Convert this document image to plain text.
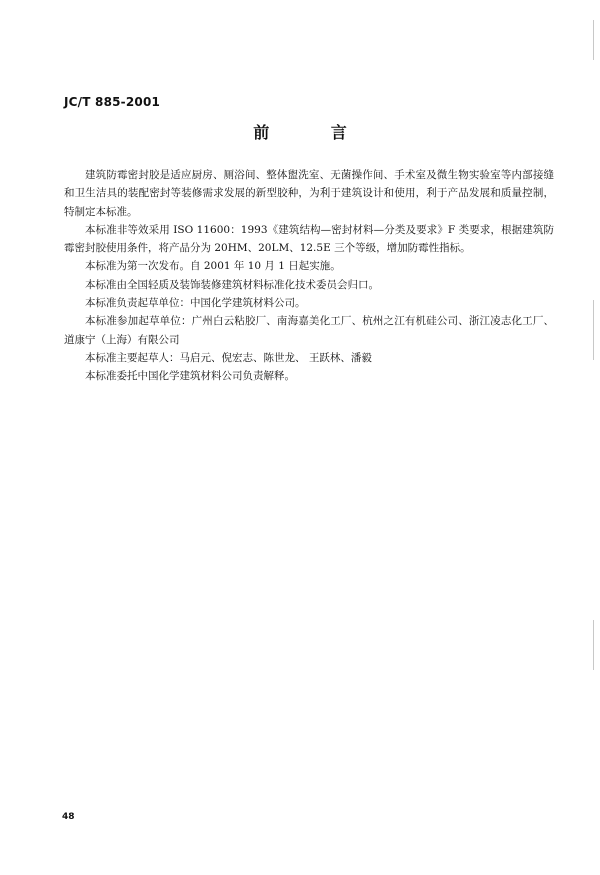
JC/T 885-2001
前 言

建筑防霉密封胶是适应厨房、厕浴间、整体盥洗室、无菌操作间、手术室及微生物实验室等内部接缝和卫生洁具的装配密封等装修需求发展的新型胶种，为利于建筑设计和使用，利于产品发展和质量控制，特制定本标准。

本标准非等效采用 ISO 11600：1993《建筑结构—密封材料—分类及要求》F 类要求，根据建筑防霉密封胶使用条件，将产品分为 20HM、20LM、12.5E 三个等级，增加防霉性指标。

本标准为第一次发布。自 2001 年 10 月 1 日起实施。

本标准由全国轻质及装饰装修建筑材料标准化技术委员会归口。

本标准负责起草单位：中国化学建筑材料公司。

本标准参加起草单位：广州白云粘胶厂、南海嘉美化工厂、杭州之江有机硅公司、浙江凌志化工厂、道康宁（上海）有限公司

本标准主要起草人：马启元、倪宏志、陈世龙、 王跃林、潘毅

本标准委托中国化学建筑材料公司负责解释。

48
